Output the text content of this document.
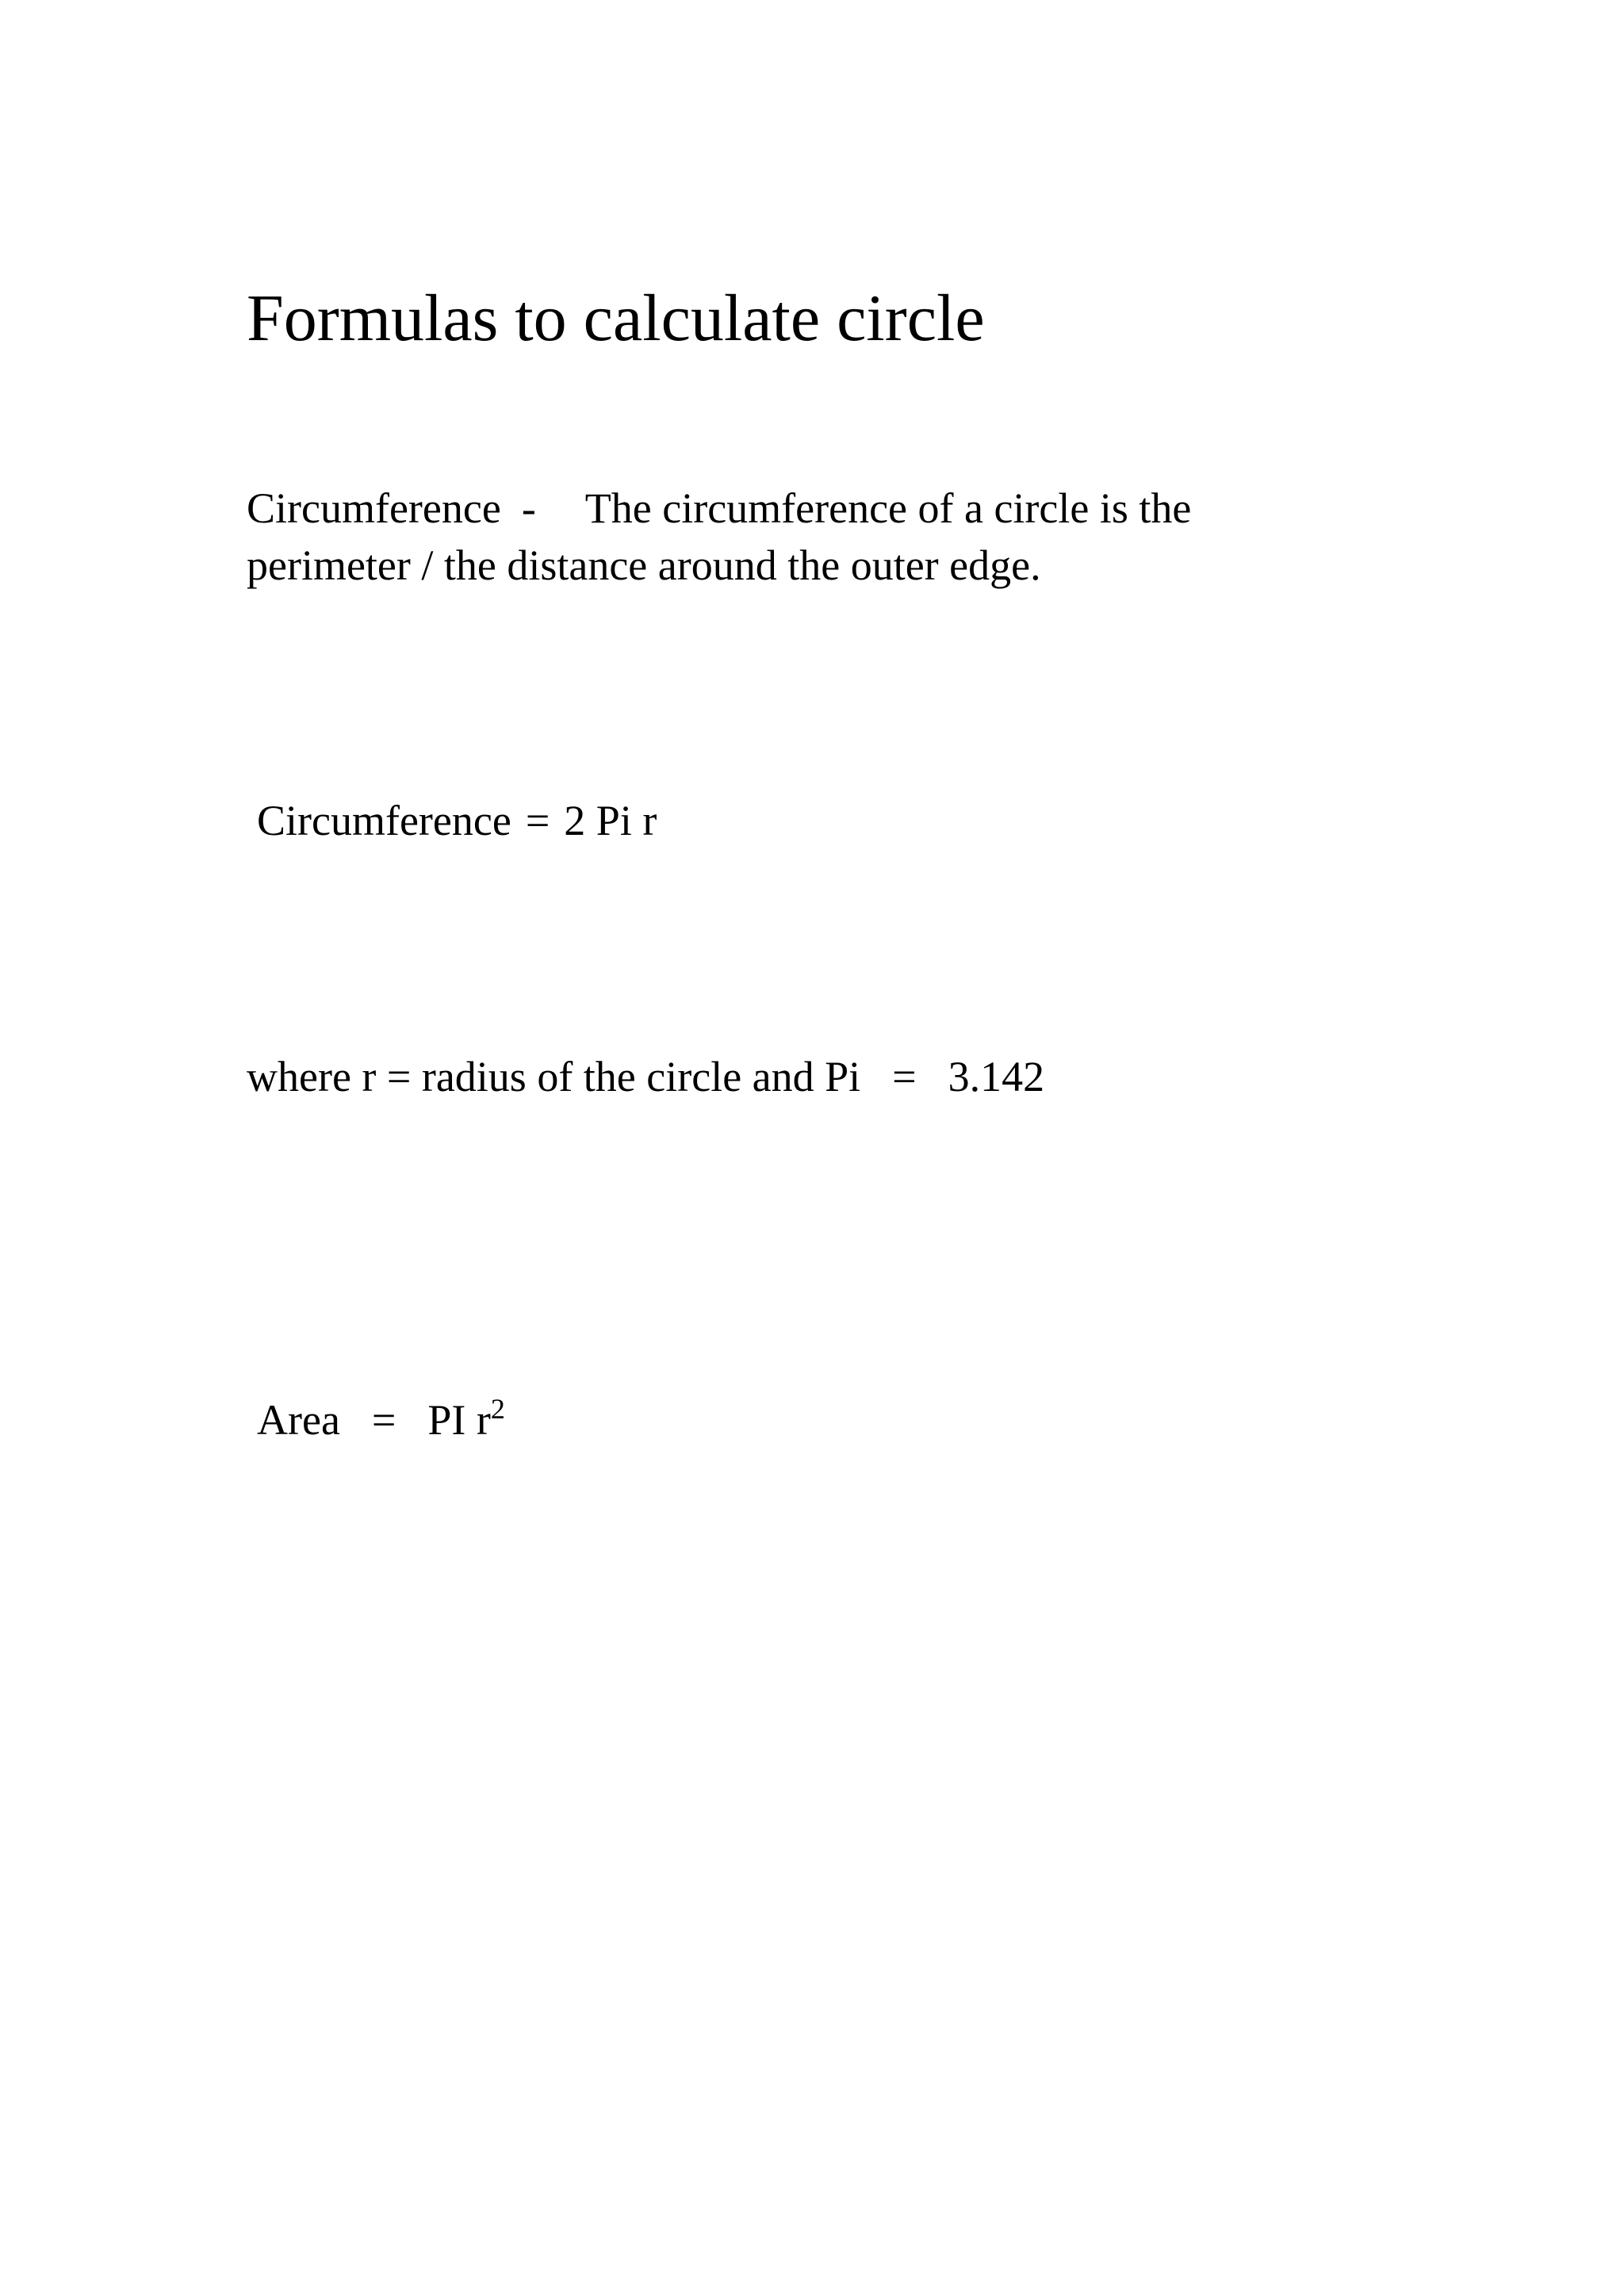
Formulas to calculate circle

Circumference - The circumference of a circle is the
perimeter / the distance around the outer edge.

Circumference = 2 Pi r

where r = radius of the circle and Pi = 3.142

Area = PI $r^2$
